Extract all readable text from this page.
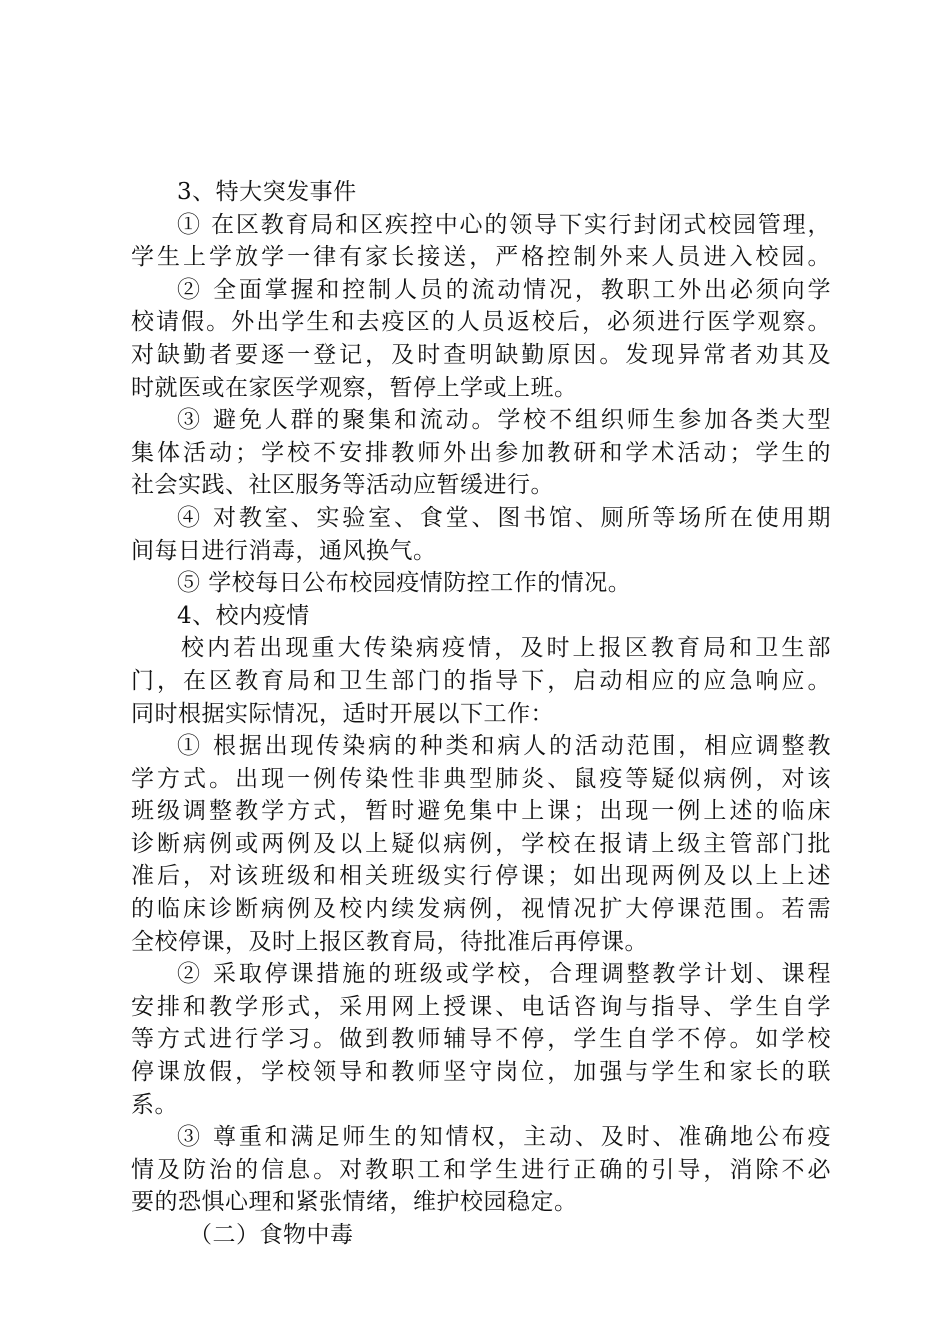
3、特大突发事件
① 在区教育局和区疾控中心的领导下实行封闭式校园管理，
学生上学放学一律有家长接送，严格控制外来人员进入校园。
② 全面掌握和控制人员的流动情况，教职工外出必须向学
校请假。外出学生和去疫区的人员返校后，必须进行医学观察。
对缺勤者要逐一登记，及时查明缺勤原因。发现异常者劝其及
时就医或在家医学观察，暂停上学或上班。
③ 避免人群的聚集和流动。学校不组织师生参加各类大型
集体活动；学校不安排教师外出参加教研和学术活动；学生的
社会实践、社区服务等活动应暂缓进行。
④ 对教室、实验室、食堂、图书馆、厕所等场所在使用期
间每日进行消毒，通风换气。
⑤ 学校每日公布校园疫情防控工作的情况。
4、校内疫情
校内若出现重大传染病疫情，及时上报区教育局和卫生部
门，在区教育局和卫生部门的指导下，启动相应的应急响应。
同时根据实际情况，适时开展以下工作：
① 根据出现传染病的种类和病人的活动范围，相应调整教
学方式。出现一例传染性非典型肺炎、鼠疫等疑似病例，对该
班级调整教学方式，暂时避免集中上课；出现一例上述的临床
诊断病例或两例及以上疑似病例，学校在报请上级主管部门批
准后，对该班级和相关班级实行停课；如出现两例及以上上述
的临床诊断病例及校内续发病例，视情况扩大停课范围。若需
全校停课，及时上报区教育局，待批准后再停课。
② 采取停课措施的班级或学校，合理调整教学计划、课程
安排和教学形式，采用网上授课、电话咨询与指导、学生自学
等方式进行学习。做到教师辅导不停，学生自学不停。如学校
停课放假，学校领导和教师坚守岗位，加强与学生和家长的联
系。
③ 尊重和满足师生的知情权，主动、及时、准确地公布疫
情及防治的信息。对教职工和学生进行正确的引导，消除不必
要的恐惧心理和紧张情绪，维护校园稳定。
（二）食物中毒
